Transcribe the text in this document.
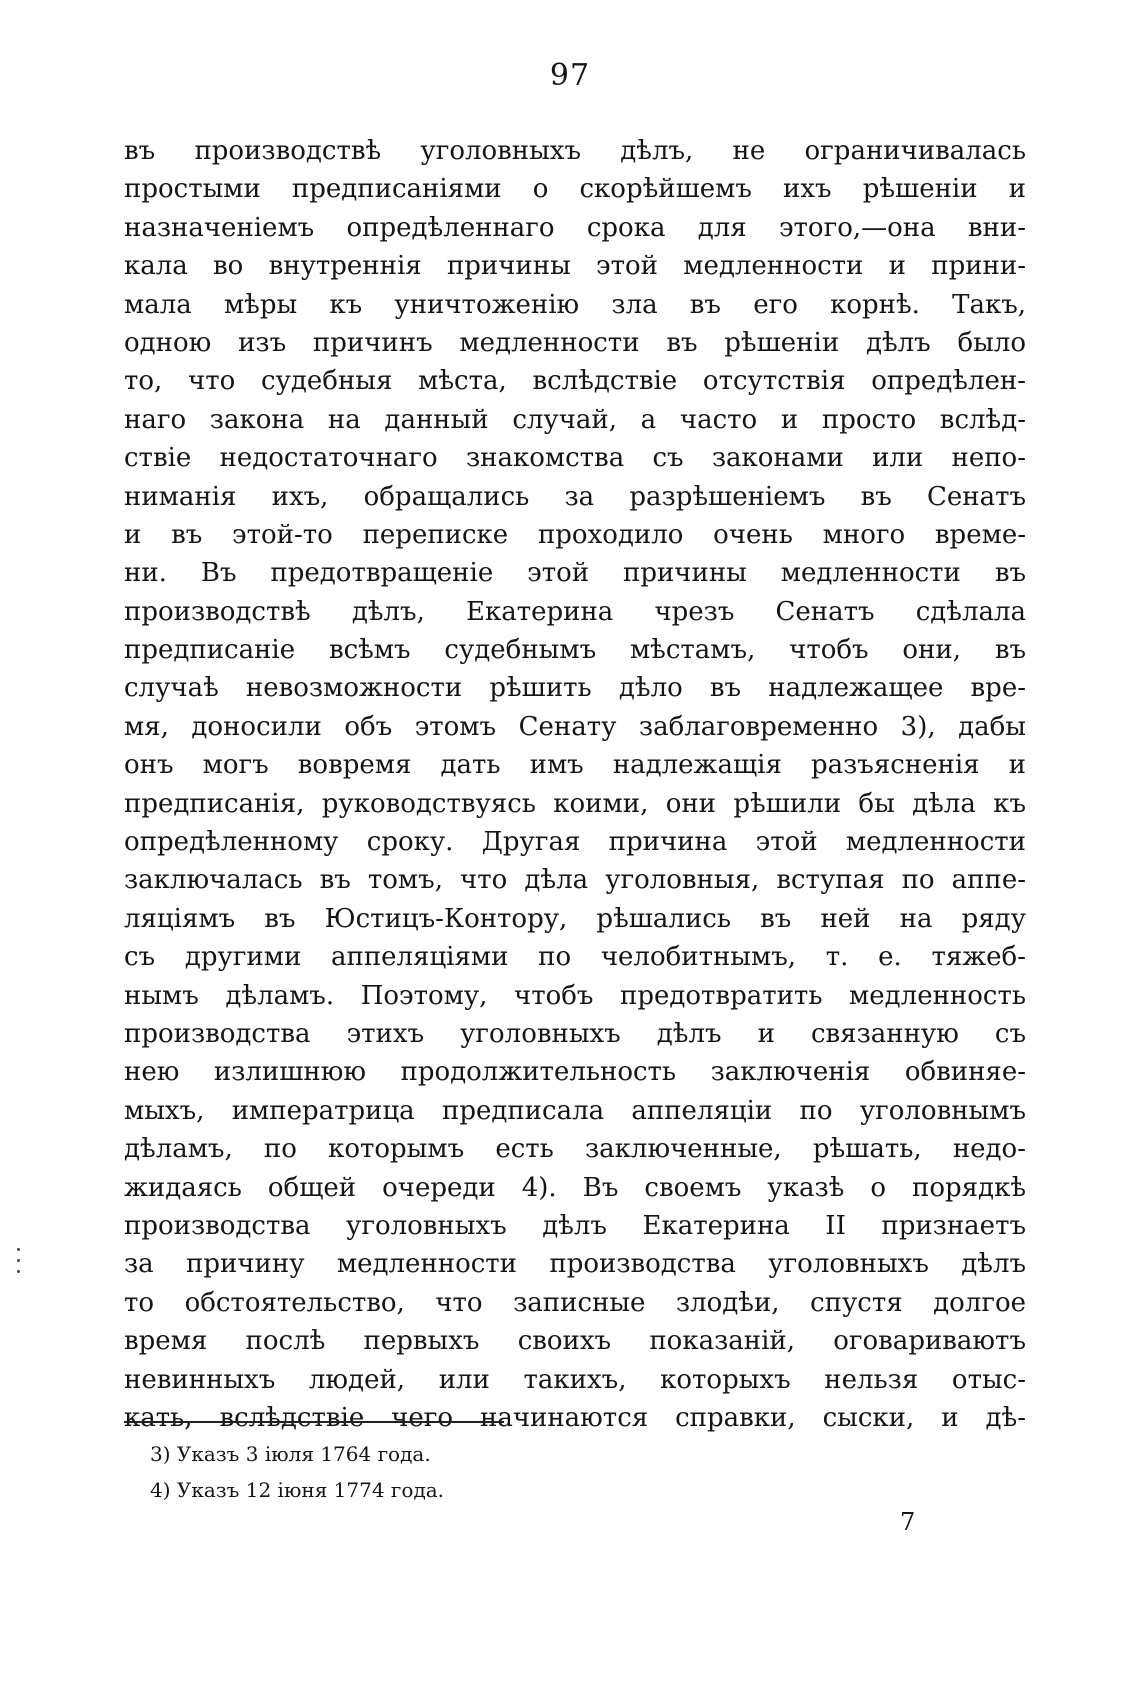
97
въ производствѣ уголовныхъ дѣлъ, не ограничивалась
простыми предписаніями о скорѣйшемъ ихъ рѣшеніи и
назначеніемъ опредѣленнаго срока для этого,—она вни-
кала во внутреннія причины этой медленности и прини-
мала мѣры къ уничтоженію зла въ его корнѣ. Такъ,
одною изъ причинъ медленности въ рѣшеніи дѣлъ было
то, что судебныя мѣста, вслѣдствіе отсутствія опредѣлен-
наго закона на данный случай, а часто и просто вслѣд-
ствіе недостаточнаго знакомства съ законами или непо-
ниманія ихъ, обращались за разрѣшеніемъ въ Сенатъ
и въ этой-то переписке проходило очень много време-
ни. Въ предотвращеніе этой причины медленности въ
производствѣ дѣлъ, Екатерина чрезъ Сенатъ сдѣлала
предписаніе всѣмъ судебнымъ мѣстамъ, чтобъ они, въ
случаѣ невозможности рѣшить дѣло въ надлежащее вре-
мя, доносили объ этомъ Сенату заблаговременно 3), дабы
онъ могъ вовремя дать имъ надлежащія разъясненія и
предписанія, руководствуясь коими, они рѣшили бы дѣла къ
опредѣленному сроку. Другая причина этой медленности
заключалась въ томъ, что дѣла уголовныя, вступая по аппе-
ляціямъ въ Юстицъ-Контору, рѣшались въ ней на ряду
съ другими аппеляціями по челобитнымъ, т. е. тяжеб-
нымъ дѣламъ. Поэтому, чтобъ предотвратить медленность
производства этихъ уголовныхъ дѣлъ и связанную съ
нею излишнюю продолжительность заключенія обвиняе-
мыхъ, императрица предписала аппеляціи по уголовнымъ
дѣламъ, по которымъ есть заключенные, рѣшать, недо-
жидаясь общей очереди 4). Въ своемъ указѣ о порядкѣ
производства уголовныхъ дѣлъ Екатерина II признаетъ
за причину медленности производства уголовныхъ дѣлъ
то обстоятельство, что записные злодѣи, спустя долгое
время послѣ первыхъ своихъ показаній, оговариваютъ
невинныхъ людей, или такихъ, которыхъ нельзя отыс-
кать, вслѣдствіе чего начинаются справки, сыски, и дѣ-
3) Указъ 3 іюля 1764 года.
4) Указъ 12 іюня 1774 года.
7
